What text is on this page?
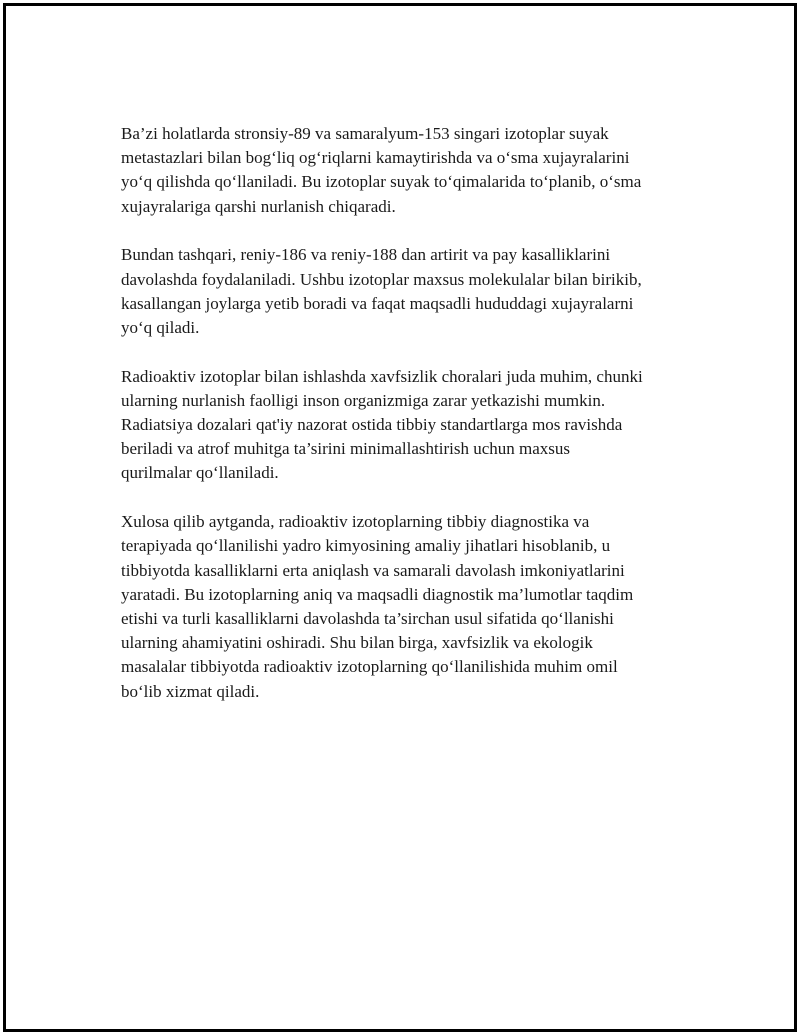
Ba’zi holatlarda stronsiy-89 va samaralyum-153 singari izotoplar suyak
metastazlari bilan bog‘liq og‘riqlarni kamaytirishda va o‘sma xujayralarini
yo‘q qilishda qo‘llaniladi. Bu izotoplar suyak to‘qimalarida to‘planib, o‘sma
xujayralariga qarshi nurlanish chiqaradi.

Bundan tashqari, reniy-186 va reniy-188 dan artirit va pay kasalliklarini
davolashda foydalaniladi. Ushbu izotoplar maxsus molekulalar bilan birikib,
kasallangan joylarga yetib boradi va faqat maqsadli hududdagi xujayralarni
yo‘q qiladi.

Radioaktiv izotoplar bilan ishlashda xavfsizlik choralari juda muhim, chunki
ularning nurlanish faolligi inson organizmiga zarar yetkazishi mumkin.
Radiatsiya dozalari qat'iy nazorat ostida tibbiy standartlarga mos ravishda
beriladi va atrof muhitga ta’sirini minimallashtirish uchun maxsus
qurilmalar qo‘llaniladi.

Xulosa qilib aytganda, radioaktiv izotoplarning tibbiy diagnostika va
terapiyada qo‘llanilishi yadro kimyosining amaliy jihatlari hisoblanib, u
tibbiyotda kasalliklarni erta aniqlash va samarali davolash imkoniyatlarini
yaratadi. Bu izotoplarning aniq va maqsadli diagnostik ma’lumotlar taqdim
etishi va turli kasalliklarni davolashda ta’sirchan usul sifatida qo‘llanishi
ularning ahamiyatini oshiradi. Shu bilan birga, xavfsizlik va ekologik
masalalar tibbiyotda radioaktiv izotoplarning qo‘llanilishida muhim omil
bo‘lib xizmat qiladi.
